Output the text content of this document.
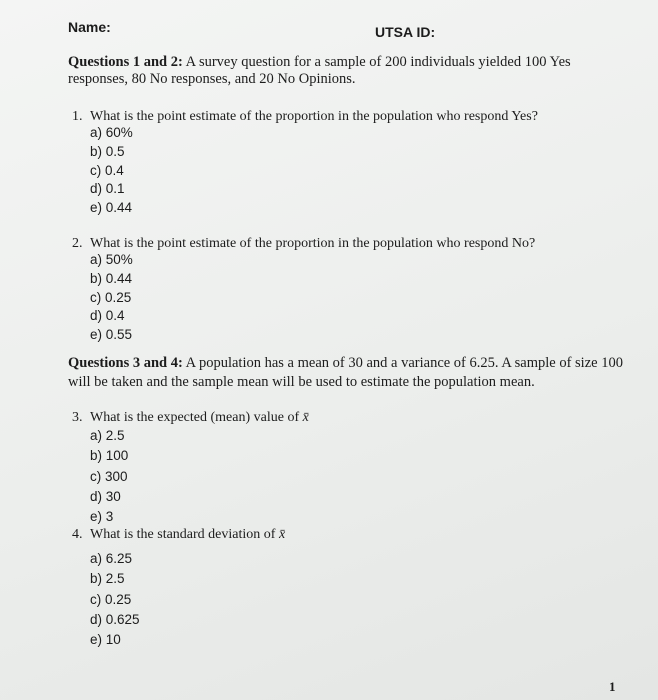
Name:	UTSA ID:
Questions 1 and 2: A survey question for a sample of 200 individuals yielded 100 Yes
responses, 80 No responses, and 20 No Opinions.
1. What is the point estimate of the proportion in the population who respond Yes?
a) 60%
b) 0.5
c) 0.4
d) 0.1
e) 0.44
2. What is the point estimate of the proportion in the population who respond No?
a) 50%
b) 0.44
c) 0.25
d) 0.4
e) 0.55
Questions 3 and 4: A population has a mean of 30 and a variance of 6.25. A sample of size 100
will be taken and the sample mean will be used to estimate the population mean.
3. What is the expected (mean) value of x̄
a) 2.5
b) 100
c) 300
d) 30
e) 3
4. What is the standard deviation of x̄
a) 6.25
b) 2.5
c) 0.25
d) 0.625
e) 10
1
